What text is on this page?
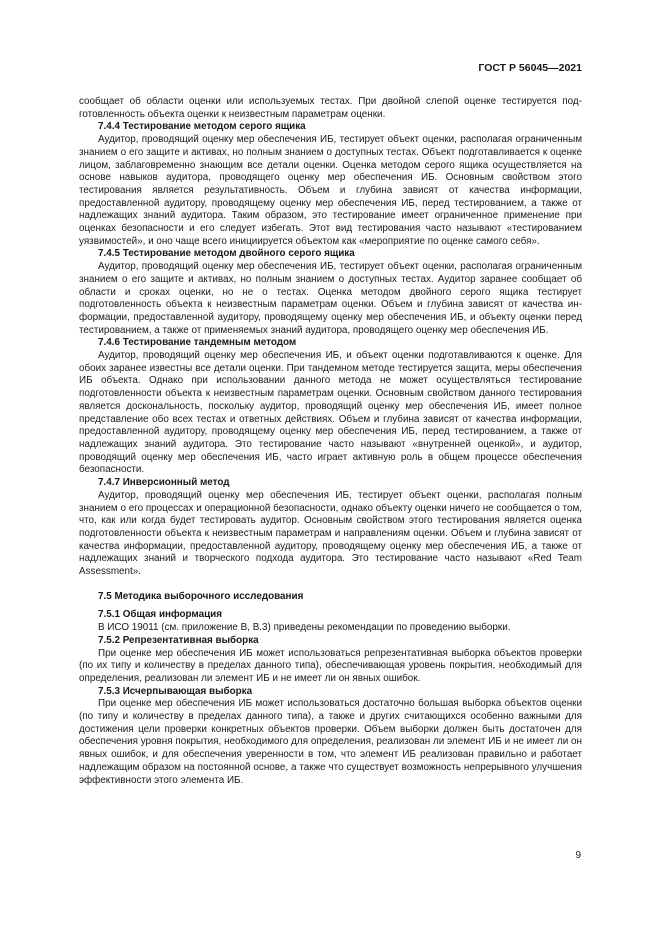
ГОСТ Р 56045—2021

сообщает об области оценки или используемых тестах. При двойной слепой оценке тестируется подготовленность объекта оценки к неизвестным параметрам оценки.

7.4.4 Тестирование методом серого ящика

Аудитор, проводящий оценку мер обеспечения ИБ, тестирует объект оценки, располагая ограниченным знанием о его защите и активах, но полным знанием о доступных тестах. Объект подготавливается к оценке лицом, заблаговременно знающим все детали оценки. Оценка методом серого ящика осуществляется на основе навыков аудитора, проводящего оценку мер обеспечения ИБ. Основным свойством этого тестирования является результативность. Объем и глубина зависят от качества информации, предоставленной аудитору, проводящему оценку мер обеспечения ИБ, перед тестированием, а также от надлежащих знаний аудитора. Таким образом, это тестирование имеет ограниченное применение при оценках безопасности и его следует избегать. Этот вид тестирования часто называют «тестированием уязвимостей», и оно чаще всего инициируется объектом как «мероприятие по оценке самого себя».

7.4.5 Тестирование методом двойного серого ящика

Аудитор, проводящий оценку мер обеспечения ИБ, тестирует объект оценки, располагая ограниченным знанием о его защите и активах, но полным знанием о доступных тестах. Аудитор заранее сообщает об области и сроках оценки, но не о тестах. Оценка методом двойного серого ящика тестирует подготовленность объекта к неизвестным параметрам оценки. Объем и глубина зависят от качества информации, предоставленной аудитору, проводящему оценку мер обеспечения ИБ, и объекту оценки перед тестированием, а также от применяемых знаний аудитора, проводящего оценку мер обеспечения ИБ.

7.4.6 Тестирование тандемным методом

Аудитор, проводящий оценку мер обеспечения ИБ, и объект оценки подготавливаются к оценке. Для обоих заранее известны все детали оценки. При тандемном методе тестируется защита, меры обеспечения ИБ объекта. Однако при использовании данного метода не может осуществляться тестирование подготовленности объекта к неизвестным параметрам оценки. Основным свойством данного тестирования является доскональность, поскольку аудитор, проводящий оценку мер обеспечения ИБ, имеет полное представление обо всех тестах и ответных действиях. Объем и глубина зависят от качества информации, предоставленной аудитору, проводящему оценку мер обеспечения ИБ, перед тестированием, а также от надлежащих знаний аудитора. Это тестирование часто называют «внутренней оценкой», и аудитор, проводящий оценку мер обеспечения ИБ, часто играет активную роль в общем процессе обеспечения безопасности.

7.4.7 Инверсионный метод

Аудитор, проводящий оценку мер обеспечения ИБ, тестирует объект оценки, располагая полным знанием о его процессах и операционной безопасности, однако объекту оценки ничего не сообщается о том, что, как или когда будет тестировать аудитор. Основным свойством этого тестирования является оценка подготовленности объекта к неизвестным параметрам и направлениям оценки. Объем и глубина зависят от качества информации, предоставленной аудитору, проводящему оценку мер обеспечения ИБ, а также от надлежащих знаний и творческого подхода аудитора. Это тестирование часто называют «Red Team Assessment».

7.5 Методика выборочного исследования
7.5.1 Общая информация

В ИСО 19011 (см. приложение В, В.3) приведены рекомендации по проведению выборки.

7.5.2 Репрезентативная выборка

При оценке мер обеспечения ИБ может использоваться репрезентативная выборка объектов проверки (по их типу и количеству в пределах данного типа), обеспечивающая уровень покрытия, необходимый для определения, реализован ли элемент ИБ и не имеет ли он явных ошибок.

7.5.3 Исчерпывающая выборка

При оценке мер обеспечения ИБ может использоваться достаточно большая выборка объектов оценки (по типу и количеству в пределах данного типа), а также и других считающихся особенно важными для достижения цели проверки конкретных объектов проверки. Объем выборки должен быть достаточен для обеспечения уровня покрытия, необходимого для определения, реализован ли элемент ИБ и не имеет ли он явных ошибок, и для обеспечения уверенности в том, что элемент ИБ реализован правильно и работает надлежащим образом на постоянной основе, а также что существует возможность непрерывного улучшения эффективности этого элемента ИБ.

9
